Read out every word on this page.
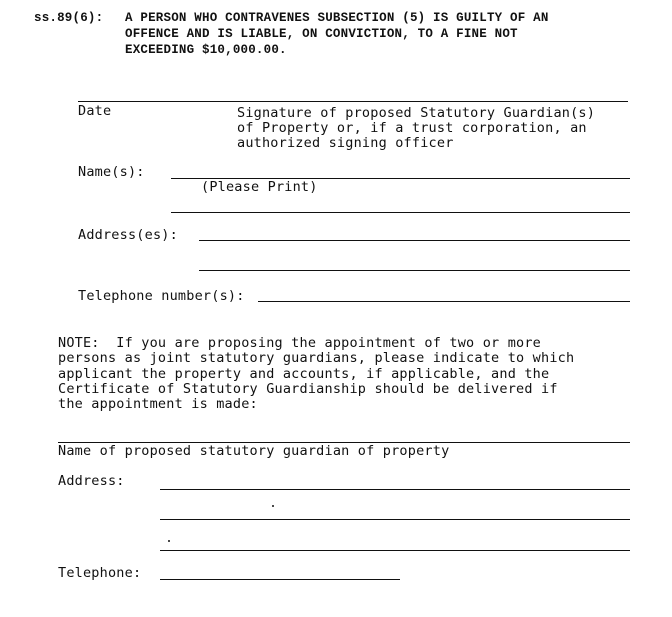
ss.89(6): A PERSON WHO CONTRAVENES SUBSECTION (5) IS GUILTY OF AN
OFFENCE AND IS LIABLE, ON CONVICTION, TO A FINE NOT
EXCEEDING $10,000.00.
Date	Signature of proposed Statutory Guardian(s)
of Property or, if a trust corporation, an
authorized signing officer
Name(s):
(Please Print)
Address(es):
Telephone number(s):
NOTE:  If you are proposing the appointment of two or more
persons as joint statutory guardians, please indicate to which
applicant the property and accounts, if applicable, and the
Certificate of Statutory Guardianship should be delivered if
the appointment is made:
Name of proposed statutory guardian of property
Address:
Telephone:
